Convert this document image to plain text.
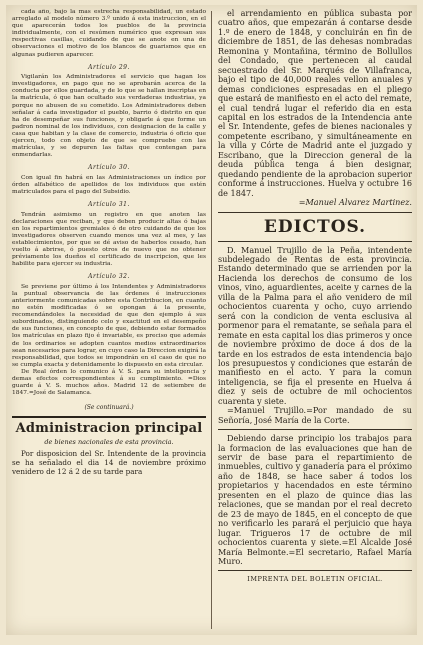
cada año, bajo la mas estrecha responsabilidad, un estado arreglado al modelo número 3.º unido á esta instruccion, en el que aparecerán todos los pueblos de la provincia individualmente, con el resúmen numérico que expresan sus respectivas casillas, cuidando de que se anote en una de observaciones el motivo de los blancos de guarismos que en algunas pudieren aparecer.

Artículo 29.

Vigilarán los Administradores el servicio que hagan los investigadores, en pago que no se aprobarán acerca de la conducta por ellos guardada, y de lo que se hallan inscriptas en la matrícula, ó que han ocultado sus verdaderas industrias, ya porque no abusen de su cometido. Los Administradores deben señalar á cada investigador el pueblo, barrio ó distrito en que ha de desempeñar sus funciones, y obligarle á que forme un padron nominal de los individuos, con designacion de la calle y casa que habitan y la clase de comercio, industria ó oficio que ejercen, todo con objeto de que se compruebe con las matrículas, y se depuren las faltas que contengan para enmendarlas.

Artículo 30.

Con igual fin habrá en las Administraciones un índice por órden alfabético de apellidos de los individuos que estén matriculados para el pago del Subsidio.

Artículo 31.

Tendrán asimismo un registro en que anoten las declaraciones que reciban, y que deben producir altas ó bajas en los repartimientos gremiales ó de otro cuidando de que los investigadores observen cuando menos una vez al mes, y las establecimientos, por que se dé aviso de haberlos cesado, han vuelto á abrirse, ó puesto otros de nuevo que no obtener préviamente los dueños el certificado de inscripcion, que les habilite para ejercer su industria.

Artículo 32.

Se previene por último á los Intendentes y Administradores la puntual observancia de las órdenes é instrucciones anteriormente comunicadas sobre esta Contribucion, en cuanto no estén modificadas ó se opongan á la presente, recomendándoles la necesidad de que den ejemplo á sus subordinados, distinguiendo celo y exactitud en el desempeño de sus funciones, en concepto de que, debiendo estar formados los matrículas en plazo fijo é invariable, es preciso que además de los ordinarios se adopten cuantos medios extraordinarios sean necesarios para lograr, en cuyo caso la Direccion exigirá la responsabilidad, que todos se impondrán en el caso de que no se cumpla exacta y detenidamente lo dispuesto en esta circular.

De Real órden lo comunico á V. S. para su inteligencia y demas efectos correspondientes á su cumplimiento. =Dios guarde á V. S. muchos años. Madrid 12 de setiembre de 1847.=José de Salamanca.

(Se continuará.)
Administracion principal
de bienes nacionales de esta provincia.

Por disposicion del Sr. Intendente de la provincia se ha señalado el dia 14 de noviembre próximo venidero de 12 á 2 de su tarde para

el arrendamiento en pública subasta por cuatro años, que empezarán á contarse desde 1.º de enero de 1848, y concluirán en fin de diciembre de 1851, de las dehesas nombradas Remonina y Montañina, término de Bollullos del Condado, que pertenecen al caudal secuestrado del Sr. Marqués de Villafranca, bajo el tipo de 40,000 reales vellon anuales y demas condiciones espresadas en el pliego que estará de manifiesto en el acto del remate, el cual tendrá lugar el referido dia en esta capital en los estrados de la Intendencia ante el Sr. Intendente, gefes de bienes nacionales y competente escribano, y simultáneamente en la villa y Córte de Madrid ante el juzgado y Escribano, que la Direccion general de la deuda pública tenga á bien designar, quedando pendiente de la aprobacion superior conforme á instrucciones. Huelva y octubre 16 de 1847.

=Manuel Alvarez Martinez.

EDICTOS.

D. Manuel Trujillo de la Peña, intendente subdelegado de Rentas de esta provincia. Estando determinado que se arrienden por la Hacienda los derechos de consumo de los vinos, vino, aguardientes, aceite y carnes de la villa de la Palma para el año venidero de mil ochocientos cuarenta y ocho, cuyo arriendo será con la condicion de venta esclusiva al pormenor para el rematante, se señala para el remate en esta capital los dias primeros y once de noviembre próximo de doce á dos de la tarde en los estrados de esta intendencia bajo los presupuestos y condiciones que estarán de manifiesto en el acto. Y para la comun inteligencia, se fija el presente en Huelva á diez y seis de octubre de mil ochocientos cuarenta y siete.

=Manuel Trujillo.=Por mandado de su Señoría, José María de la Corte.

Debiendo darse principio los trabajos para la formacion de las evaluaciones que han de servir de base para el repartimiento de inmuebles, cultivo y ganadería para el próximo año de 1848, se hace saber á todos los propietarios y hacendados en este término presenten en el plazo de quince dias las relaciones, que se mandan por el real decreto de 23 de mayo de 1845, en el concepto de que no verificarlo les parará el perjuicio que haya lugar. Trigueros 17 de octubre de mil ochocientos cuarenta y siete.=El Alcalde José María Belmonte.=El secretario, Rafael María Muro.

IMPRENTA DEL BOLETIN OFICIAL.
